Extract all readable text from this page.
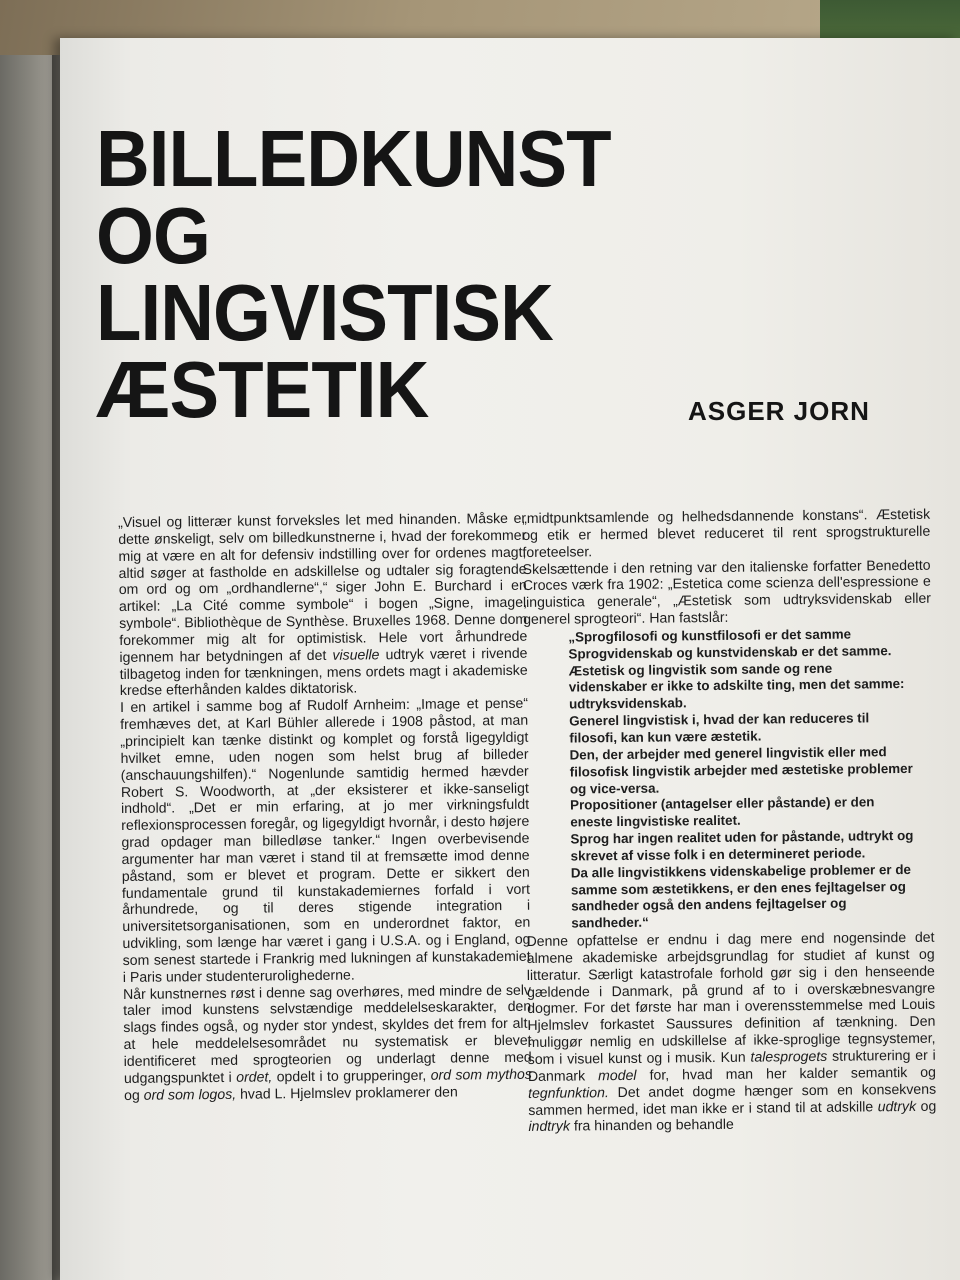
BILLEDKUNST
OG
LINGVISTISK
ÆSTETIK	ASGER JORN

„Visuel og litterær kunst forveksles let med hinanden. Måske er dette ønskeligt, selv om billedkunstnerne i, hvad der forekommer mig at være en alt for defensiv indstilling over for ordenes magt, altid søger at fastholde en adskillelse og udtaler sig foragtende om ord og om „ordhandlerne“,“ siger John E. Burchard i en artikel: „La Cité comme symbole“ i bogen „Signe, image, symbole“. Bibliothèque de Synthèse. Bruxelles 1968. Denne dom forekommer mig alt for optimistisk. Hele vort århundrede igennem har betydningen af det visuelle udtryk været i rivende tilbagetog inden for tænkningen, mens ordets magt i akademiske kredse efterhånden kaldes diktatorisk.

I en artikel i samme bog af Rudolf Arnheim: „Image et pense“ fremhæves det, at Karl Bühler allerede i 1908 påstod, at man „principielt kan tænke distinkt og komplet og forstå ligegyldigt hvilket emne, uden nogen som helst brug af billeder (anschauungshilfen).“ Nogenlunde samtidig hermed hævder Robert S. Woodworth, at „der eksisterer et ikke-sanseligt indhold“. „Det er min erfaring, at jo mer virkningsfuldt reflexionsprocessen foregår, og ligegyldigt hvornår, i desto højere grad opdager man billedløse tanker.“ Ingen overbevisende argumenter har man været i stand til at fremsætte imod denne påstand, som er blevet et program. Dette er sikkert den fundamentale grund til kunstakademiernes forfald i vort århundrede, og til deres stigende integration i universitetsorganisationen, som en underordnet faktor, en udvikling, som længe har været i gang i U.S.A. og i England, og som senest startede i Frankrig med lukningen af kunstakademiet i Paris under studenterurolighederne.

Når kunstnernes røst i denne sag overhøres, med mindre de selv taler imod kunstens selvstændige meddelelseskarakter, den slags findes også, og nyder stor yndest, skyldes det frem for alt, at hele meddelelsesområdet nu systematisk er blevet identificeret med sprogteorien og underlagt denne med udgangspunktet i ordet, opdelt i to grupperinger, ord som mythos og ord som logos, hvad L. Hjelmslev proklamerer den

„midtpunktsamlende og helhedsdannende konstans“. Æstetisk og etik er hermed blevet reduceret til rent sprogstrukturelle foreteelser.

Skelsættende i den retning var den italienske forfatter Benedetto Croces værk fra 1902: „Estetica come scienza dell'espressione e linguistica generale“, „Æstetisk som udtryksvidenskab eller generel sprogteori“. Han fastslår:

„Sprogfilosofi og kunstfilosofi er det samme
Sprogvidenskab og kunstvidenskab er det samme.
Æstetisk og lingvistik som sande og rene videnskaber er ikke to adskilte ting, men det samme: udtryksvidenskab.
Generel lingvistisk i, hvad der kan reduceres til filosofi, kan kun være æstetik.
Den, der arbejder med generel lingvistik eller med filosofisk lingvistik arbejder med æstetiske problemer og vice-versa.
Propositioner (antagelser eller påstande) er den eneste lingvistiske realitet.
Sprog har ingen realitet uden for påstande, udtrykt og skrevet af visse folk i en determineret periode.
Da alle lingvistikkens videnskabelige problemer er de samme som æstetikkens, er den enes fejltagelser og sandheder også den andens fejltagelser og sandheder.“

Denne opfattelse er endnu i dag mere end nogensinde det almene akademiske arbejdsgrundlag for studiet af kunst og litteratur. Særligt katastrofale forhold gør sig i den henseende gældende i Danmark, på grund af to i overskæbnesvangre dogmer. For det første har man i overensstemmelse med Louis Hjelmslev forkastet Saussures definition af tænkning. Den muliggør nemlig en udskillelse af ikke-sproglige tegnsystemer, som i visuel kunst og i musik. Kun talesprogets strukturering er i Danmark model for, hvad man her kalder semantik og tegnfunktion. Det andet dogme hænger som en konsekvens sammen hermed, idet man ikke er i stand til at adskille udtryk og indtryk fra hinanden og behandle
